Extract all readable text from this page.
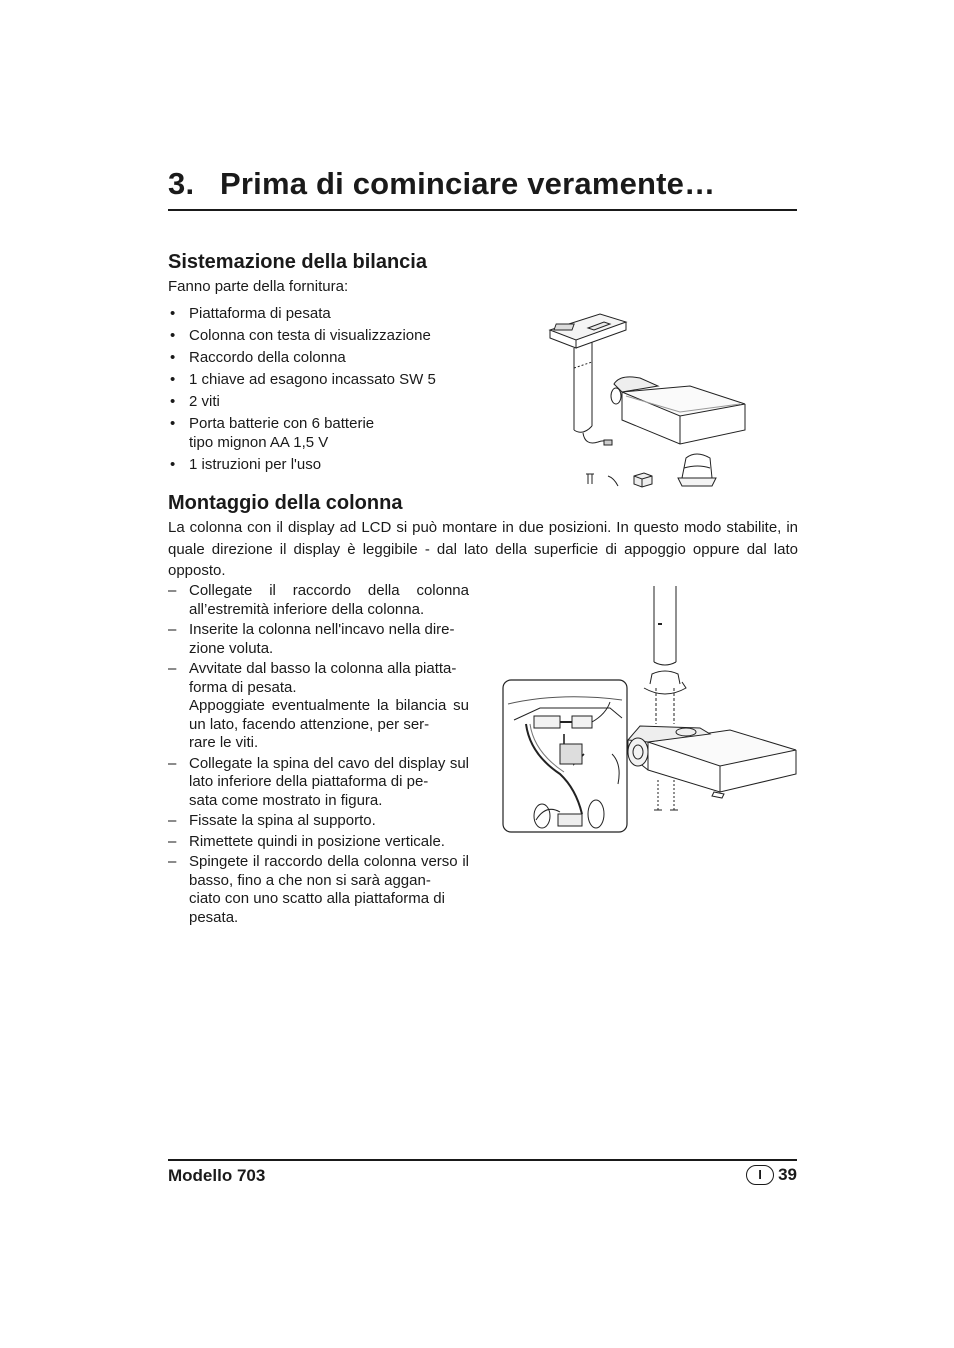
3. Prima di cominciare veramente…
Sistemazione della bilancia
Fanno parte della fornitura:
• Piattaforma di pesata
• Colonna con testa di visualizzazione
• Raccordo della colonna
• 1 chiave ad esagono incassato SW 5
• 2 viti
• Porta batterie con 6 batterie
tipo mignon AA 1,5 V
• 1 istruzioni per l'uso
Montaggio della colonna
La colonna con il display ad LCD si può montare in due posizioni. In questo modo stabilite, in quale direzione il display è leggibile - dal lato della superficie di appoggio oppure dal lato opposto.
– Collegate il raccordo della colonna all’estremità inferiore della colonna.
– Inserite la colonna nell'incavo nella dire-
zione voluta.
– Avvitate dal basso la colonna alla piatta-
forma di pesata.
Appoggiate eventualmente la bilancia su un lato, facendo attenzione, per ser-
rare le viti.
– Collegate la spina del cavo del display sul lato inferiore della piattaforma di pe-
sata come mostrato in figura.
– Fissate la spina al supporto.
– Rimettete quindi in posizione verticale.
– Spingete il raccordo della colonna verso il basso, fino a che non si sarà aggan-
ciato con uno scatto alla piattaforma di
pesata.
Modello 703	I 39
